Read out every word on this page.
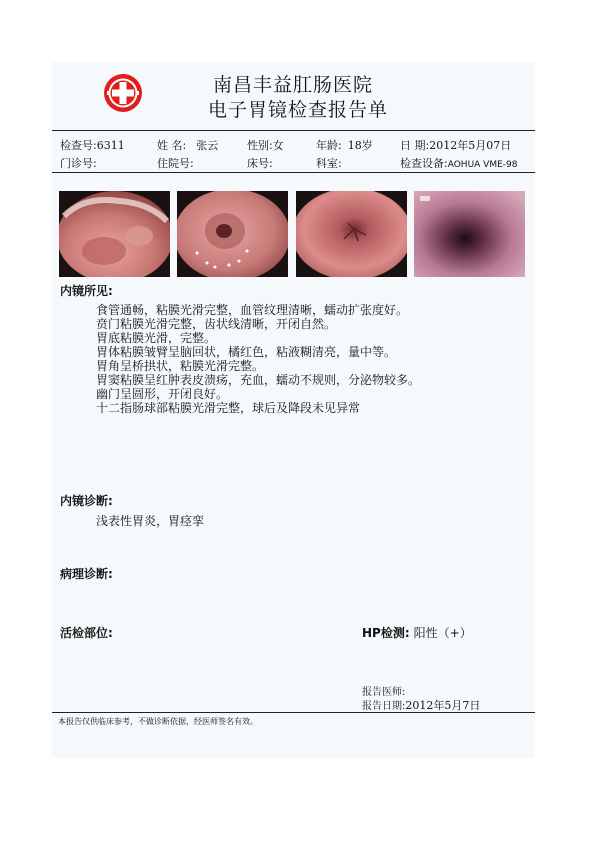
南昌丰益肛肠医院
电子胃镜检查报告单
检查号:6311	姓 名: 张云	性别:女	年龄: 18岁 日 期:2012年5月07日
门诊号:	住院号:	床号:	科室:	检查设备:AOHUA VME-98
内镜所见:
食管通畅，粘膜光滑完整，血管纹理清晰，蠕动扩张度好。
贲门粘膜光滑完整，齿状线清晰，开闭自然。
胃底粘膜光滑，完整。
胃体粘膜皱臂呈脑回状，橘红色，粘液糊清亮，量中等。
胃角呈桥拱状，粘膜光滑完整。
胃窦粘膜呈红肿表皮溃疡，充血，蠕动不规则，分泌物较多。
幽门呈圆形，开闭良好。
十二指肠球部粘膜光滑完整，球后及降段未见异常
内镜诊断:
浅表性胃炎，胃痉挛
病理诊断:
活检部位:	HP检测: 阳性（+）
报告医师:
报告日期:2012年5月7日
本报告仅供临床参考，不做诊断依据，经医师签名有效。
